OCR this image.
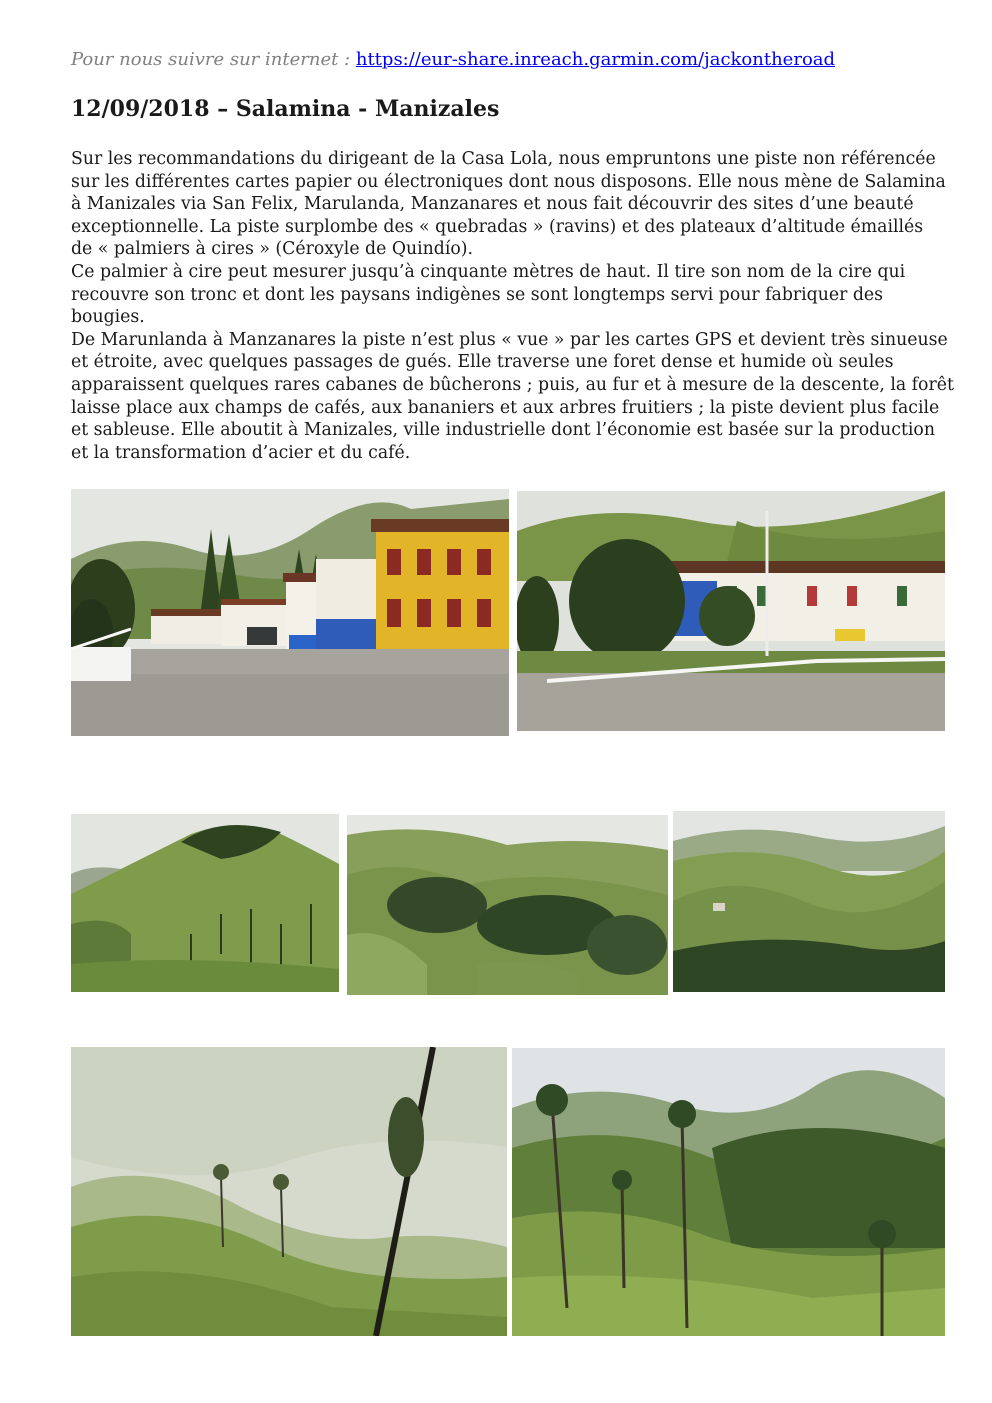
Pour nous suivre sur internet : https://eur-share.inreach.garmin.com/jackontheroad
12/09/2018 – Salamina - Manizales
Sur les recommandations du dirigeant de la Casa Lola, nous empruntons une piste non référencée
sur les différentes cartes papier ou électroniques dont nous disposons. Elle nous mène de Salamina
à Manizales via San Felix, Marulanda, Manzanares et nous fait découvrir des sites d’une beauté
exceptionnelle. La piste surplombe des « quebradas » (ravins) et des plateaux d’altitude émaillés
de « palmiers à cires » (Céroxyle de Quindío).
Ce palmier à cire peut mesurer jusqu’à cinquante mètres de haut. Il tire son nom de la cire qui
recouvre son tronc et dont les paysans indigènes se sont longtemps servi pour fabriquer des
bougies.
De Marunlanda à Manzanares la piste n’est plus « vue » par les cartes GPS et devient très sinueuse
et étroite, avec quelques passages de gués. Elle traverse une foret dense et humide où seules
apparaissent quelques rares cabanes de bûcherons ; puis, au fur et à mesure de la descente, la forêt
laisse place aux champs de cafés, aux bananiers et aux arbres fruitiers ; la piste devient plus facile
et sableuse. Elle aboutit à Manizales, ville industrielle dont l’économie est basée sur la production
et la transformation d’acier et du café.
